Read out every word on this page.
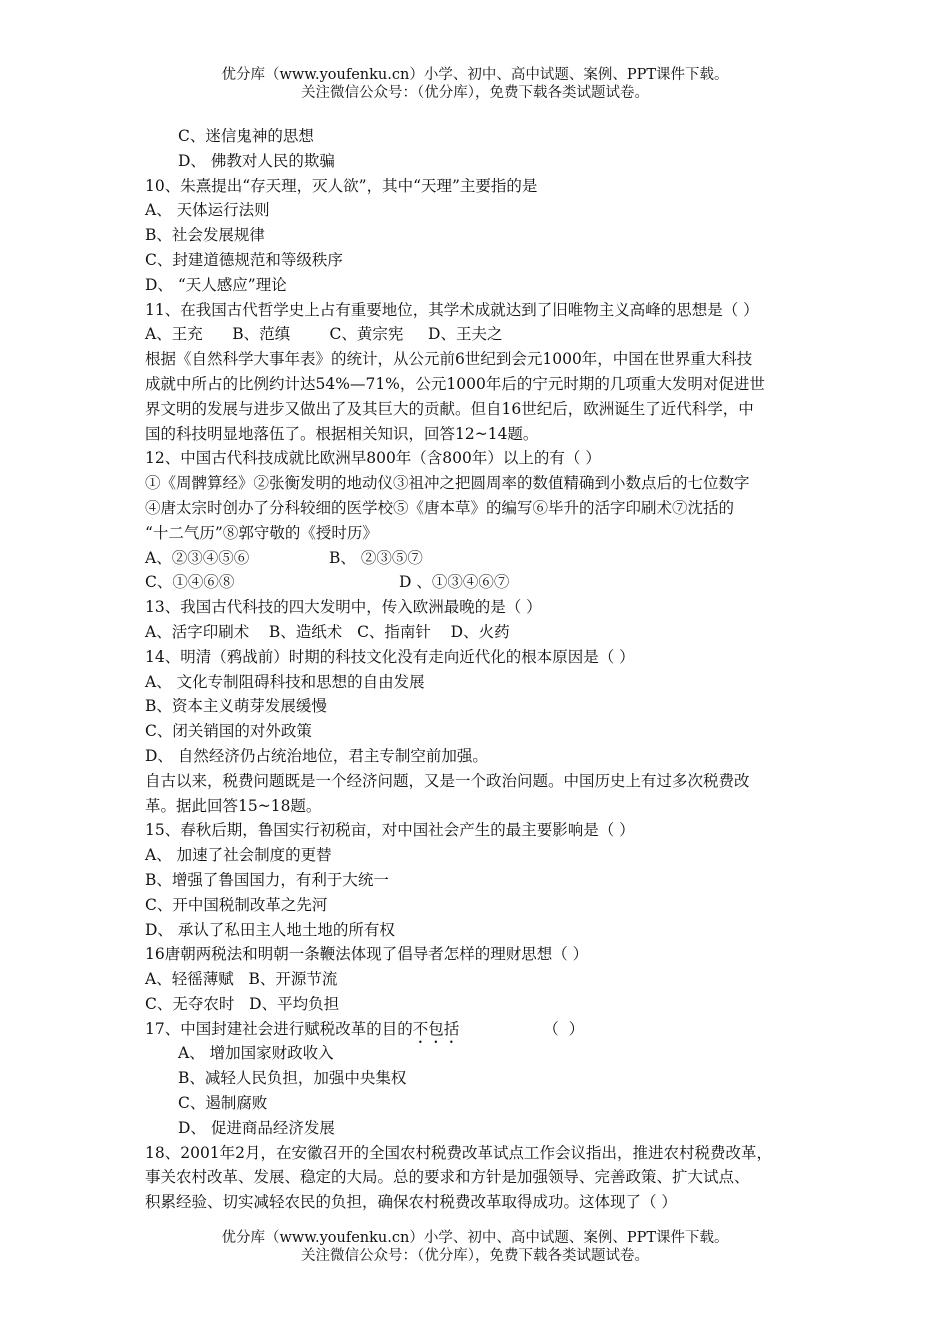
优分库（www.youfenku.cn）小学、初中、高中试题、案例、PPT课件下载。
关注微信公众号：（优分库），免费下载各类试题试卷。
C、迷信鬼神的思想
D、 佛教对人民的欺骗
10、朱熹提出“存天理，灭人欲”，其中“天理”主要指的是
A、 天体运行法则
B、社会发展规律
C、封建道德规范和等级秩序
D、 “天人感应”理论
11、在我国古代哲学史上占有重要地位，其学术成就达到了旧唯物主义高峰的思想是（ ）
A、王充      B、范缜        C、黄宗宪     D、王夫之
根据《自然科学大事年表》的统计，从公元前6世纪到会元1000年，中国在世界重大科技
成就中所占的比例约计达54%—71%，公元1000年后的宁元时期的几项重大发明对促进世
界文明的发展与进步又做出了及其巨大的贡献。但自16世纪后，欧洲诞生了近代科学，中
国的科技明显地落伍了。根据相关知识，回答12~14题。
12、中国古代科技成就比欧洲早800年（含800年）以上的有（ ）
①《周髀算经》②张衡发明的地动仪③祖冲之把圆周率的数值精确到小数点后的七位数字
④唐太宗时创办了分科较细的医学校⑤《唐本草》的编写⑥毕升的活字印刷术⑦沈括的
“十二气历”⑧郭守敬的《授时历》
A、②③④⑤⑥	B、 ②③⑤⑦
C、①④⑥⑧	D 、①③④⑥⑦
13、我国古代科技的四大发明中，传入欧洲最晚的是（ ）
A、活字印刷术    B、造纸术   C、指南针    D、火药
14、明清（鸦战前）时期的科技文化没有走向近代化的根本原因是（ ）
A、 文化专制阻碍科技和思想的自由发展
B、资本主义萌芽发展缓慢
C、闭关销国的对外政策
D、 自然经济仍占统治地位，君主专制空前加强。
自古以来，税费问题既是一个经济问题，又是一个政治问题。中国历史上有过多次税费改
革。据此回答15~18题。
15、春秋后期，鲁国实行初税亩，对中国社会产生的最主要影响是（ ）
A、 加速了社会制度的更替
B、增强了鲁国国力，有利于大统一
C、开中国税制改革之先河
D、 承认了私田主人地土地的所有权
16唐朝两税法和明朝一条鞭法体现了倡导者怎样的理财思想（ ）
A、轻徭薄赋   B、开源节流
C、无夺农时   D、平均负担
17、中国封建社会进行赋税改革的目的不包括	（  ）
A、 增加国家财政收入
B、减轻人民负担，加强中央集权
C、遏制腐败
D、 促进商品经济发展
18、2001年2月，在安徽召开的全国农村税费改革试点工作会议指出，推进农村税费改革，
事关农村改革、发展、稳定的大局。总的要求和方针是加强领导、完善政策、扩大试点、
积累经验、切实减轻农民的负担，确保农村税费改革取得成功。这体现了（ ）
优分库（www.youfenku.cn）小学、初中、高中试题、案例、PPT课件下载。
关注微信公众号：（优分库），免费下载各类试题试卷。
